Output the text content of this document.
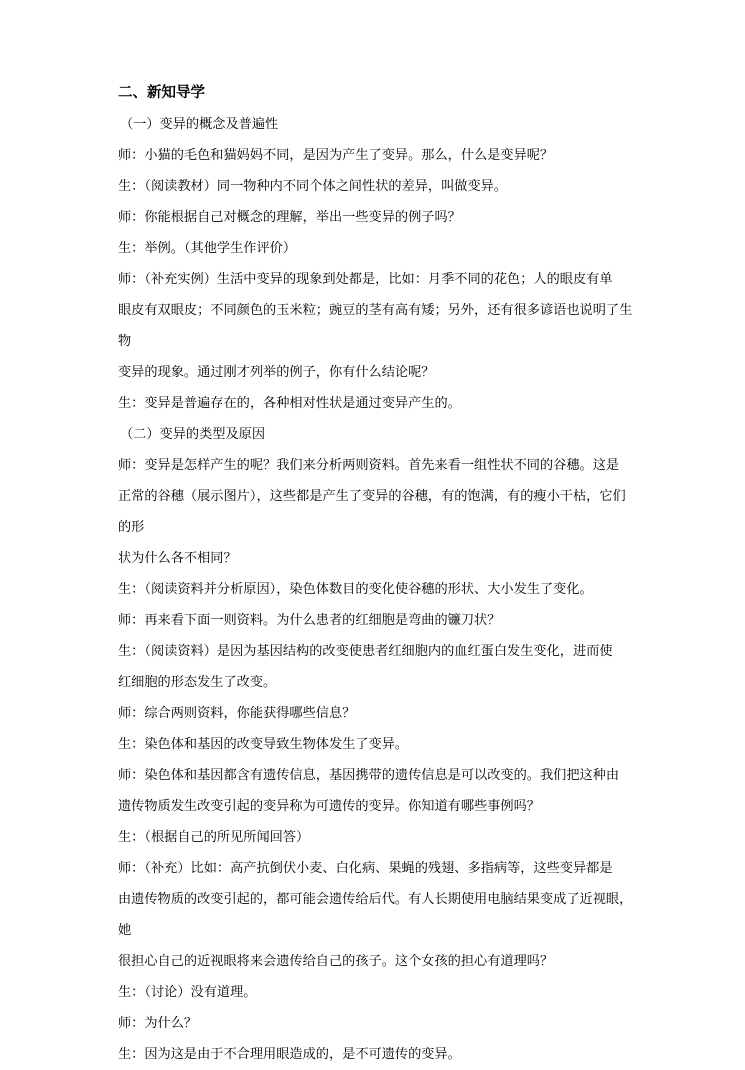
二、新知导学
（一）变异的概念及普遍性
师：小猫的毛色和猫妈妈不同，是因为产生了变异。那么，什么是变异呢？
生：（阅读教材）同一物种内不同个体之间性状的差异，叫做变异。
师：你能根据自己对概念的理解，举出一些变异的例子吗？
生：举例。（其他学生作评价）
师：（补充实例）生活中变异的现象到处都是，比如：月季不同的花色；人的眼皮有单
眼皮有双眼皮；不同颜色的玉米粒；豌豆的茎有高有矮；另外，还有很多谚语也说明了生物
变异的现象。通过刚才列举的例子，你有什么结论呢？
生：变异是普遍存在的，各种相对性状是通过变异产生的。
（二）变异的类型及原因
师：变异是怎样产生的呢？我们来分析两则资料。首先来看一组性状不同的谷穗。这是
正常的谷穗（展示图片），这些都是产生了变异的谷穗，有的饱满，有的瘦小干枯，它们的形
状为什么各不相同？
生：（阅读资料并分析原因），染色体数目的变化使谷穗的形状、大小发生了变化。
师：再来看下面一则资料。为什么患者的红细胞是弯曲的镰刀状？
生：（阅读资料）是因为基因结构的改变使患者红细胞内的血红蛋白发生变化，进而使
红细胞的形态发生了改变。
师：综合两则资料，你能获得哪些信息？
生：染色体和基因的改变导致生物体发生了变异。
师：染色体和基因都含有遗传信息，基因携带的遗传信息是可以改变的。我们把这种由
遗传物质发生改变引起的变异称为可遗传的变异。你知道有哪些事例吗？
生：（根据自己的所见所闻回答）
师：（补充）比如：高产抗倒伏小麦、白化病、果蝇的残翅、多指病等，这些变异都是
由遗传物质的改变引起的，都可能会遗传给后代。有人长期使用电脑结果变成了近视眼，她
很担心自己的近视眼将来会遗传给自己的孩子。这个女孩的担心有道理吗？
生：（讨论）没有道理。
师：为什么？
生：因为这是由于不合理用眼造成的，是不可遗传的变异。
